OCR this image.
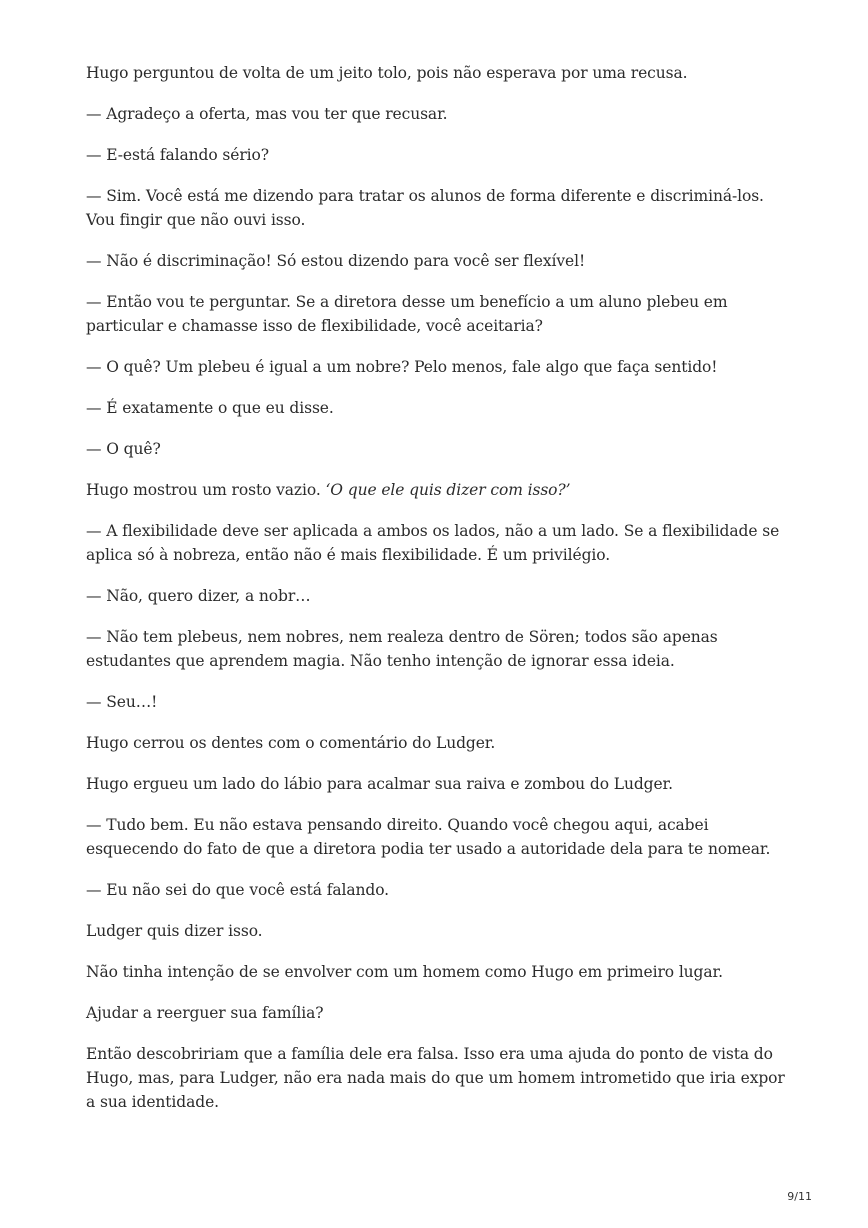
Hugo perguntou de volta de um jeito tolo, pois não esperava por uma recusa.

— Agradeço a oferta, mas vou ter que recusar.

— E-está falando sério?

— Sim. Você está me dizendo para tratar os alunos de forma diferente e discriminá-los. Vou fingir que não ouvi isso.

— Não é discriminação! Só estou dizendo para você ser flexível!

— Então vou te perguntar. Se a diretora desse um benefício a um aluno plebeu em particular e chamasse isso de flexibilidade, você aceitaria?

— O quê? Um plebeu é igual a um nobre? Pelo menos, fale algo que faça sentido!

— É exatamente o que eu disse.

— O quê?

Hugo mostrou um rosto vazio. ‘O que ele quis dizer com isso?’

— A flexibilidade deve ser aplicada a ambos os lados, não a um lado. Se a flexibilidade se aplica só à nobreza, então não é mais flexibilidade. É um privilégio.

— Não, quero dizer, a nobr…

— Não tem plebeus, nem nobres, nem realeza dentro de Sören; todos são apenas estudantes que aprendem magia. Não tenho intenção de ignorar essa ideia.

— Seu…!

Hugo cerrou os dentes com o comentário do Ludger.

Hugo ergueu um lado do lábio para acalmar sua raiva e zombou do Ludger.

— Tudo bem. Eu não estava pensando direito. Quando você chegou aqui, acabei esquecendo do fato de que a diretora podia ter usado a autoridade dela para te nomear.

— Eu não sei do que você está falando.

Ludger quis dizer isso.

Não tinha intenção de se envolver com um homem como Hugo em primeiro lugar.

Ajudar a reerguer sua família?

Então descobririam que a família dele era falsa. Isso era uma ajuda do ponto de vista do Hugo, mas, para Ludger, não era nada mais do que um homem intrometido que iria expor a sua identidade.

9/11
